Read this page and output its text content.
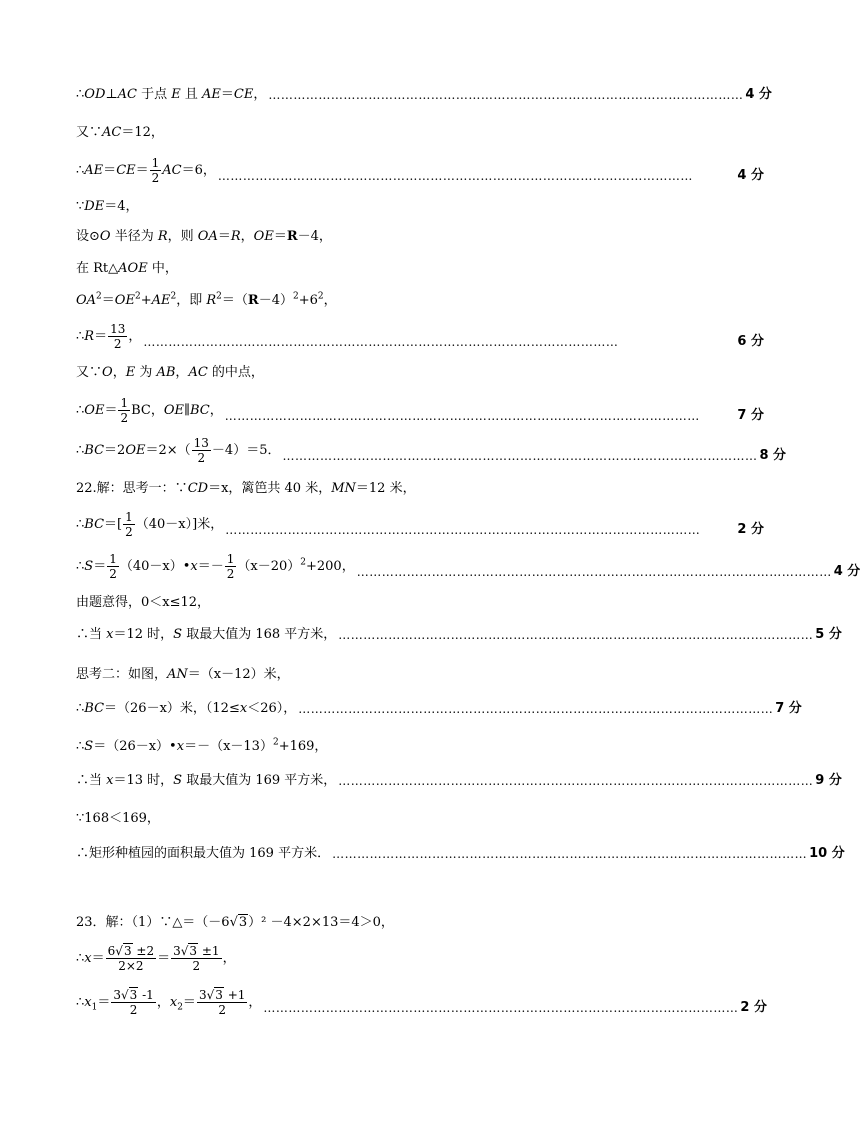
∴OD⊥AC 于点 E 且 AE＝CE， …………………………………………………………………………………………………… 4 分
又∵AC＝12，
∴AE＝CE＝ $\frac{1}{2} AC=6$， ……………………………………………………………………………………………………	4 分
∵DE＝4，
设⊙O 半径为 R，则 OA＝R，OE＝R－4，
在 Rt△AOE 中，
$OA^2=OE^2+AE^2$，即 $R^2=(R-4)^2+6^2$，
∴R＝ $\frac{13}{2}$ ， ……………………………………………………………………………………………………	6 分
又∵O，E 为 AB，AC 的中点，
∴OE＝ $\frac{1}{2}$ BC，OE∥BC， ……………………………………………………………………………………………………	7 分
∴BC＝2OE＝2×（ $\frac{13}{2} -4)=5$． …………………………………………………………………………………………………… 8 分
22.解：思考一：∵CD＝x，篱笆共 40 米，MN＝12 米，
∴BC＝[ $\frac{1}{2} (40-x)$]米， ……………………………………………………………………………………………………	2 分
∴S＝ $\frac{1}{2}$ （40－x）•x＝－ $\frac{1}{2} (x-20)^2+200$， …………………………………………………………………………………………………… 4 分
由题意得，0＜x≤12，
∴当 x＝12 时，S 取最大值为 168 平方米， …………………………………………………………………………………………………… 5 分
思考二：如图，AN＝（x－12）米，
∴BC＝（26－x）米，（12≤x＜26）， …………………………………………………………………………………………………… 7 分
$\therefore S=(26-x)•x=-(x-13)^2+169$，
∴当 x＝13 时，S 取最大值为 169 平方米， …………………………………………………………………………………………………… 9 分
∵168＜169，
∴矩形种植园的面积最大值为 169 平方米． …………………………………………………………………………………………………… 10 分
23．解：（1）∵△＝（－6√3）² －4×2×13＝4＞0，
∴x＝ $\frac{6√3 \pm 2}{2\times 2} = \frac{3√3 \pm 1}{2}$ ，
$\therefore x_1= \frac{3√3 -1}{2}$ ，$x_2= \frac{3√3 +1}{2}$ ， …………………………………………………………………………………………………… 2 分
